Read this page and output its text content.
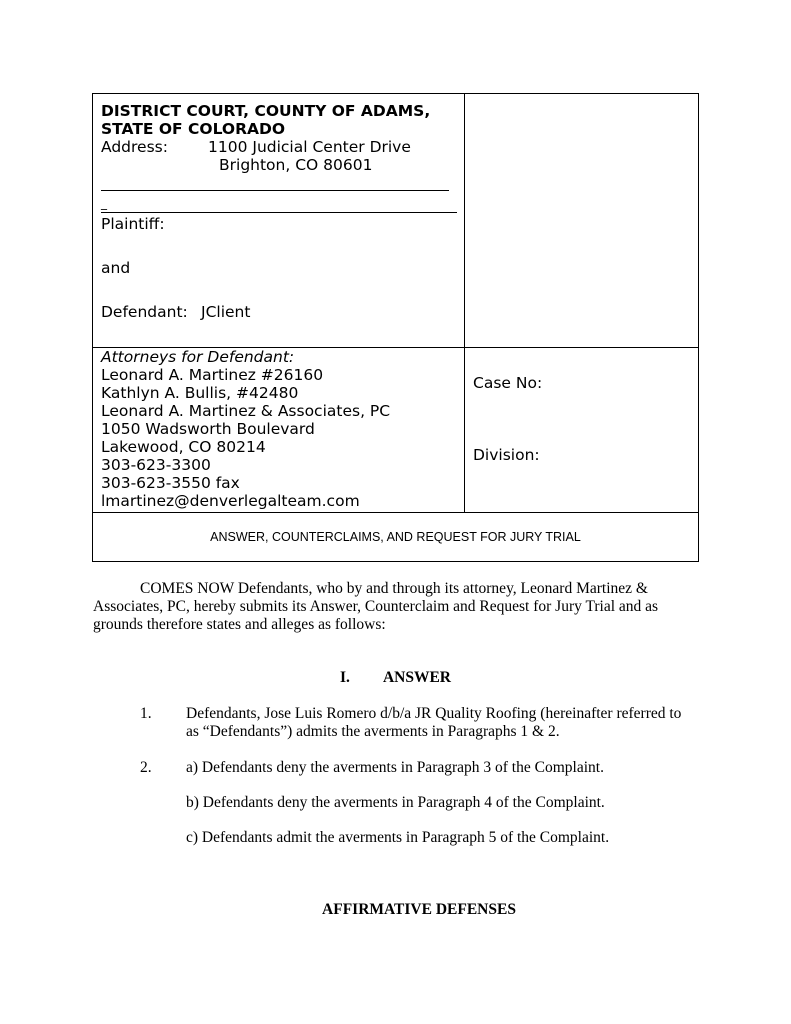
DISTRICT COURT, COUNTY OF ADAMS,
STATE OF COLORADO
Address:	1100 Judicial Center Drive
Brighton, CO 80601
_
Plaintiff:
and
Defendant: JClient
Attorneys for Defendant:
Leonard A. Martinez #26160
Kathlyn A. Bullis, #42480
Leonard A. Martinez & Associates, PC
1050 Wadsworth Boulevard
Lakewood, CO 80214
303-623-3300
303-623-3550 fax
lmartinez@denverlegalteam.com
Case No:
Division:
ANSWER, COUNTERCLAIMS, AND REQUEST FOR JURY TRIAL
COMES NOW Defendants, who by and through its attorney, Leonard Martinez &
Associates, PC, hereby submits its Answer, Counterclaim and Request for Jury Trial and as
grounds therefore states and alleges as follows:
I. ANSWER
1. Defendants, Jose Luis Romero d/b/a JR Quality Roofing (hereinafter referred to
as “Defendants”) admits the averments in Paragraphs 1 & 2.
2. a) Defendants deny the averments in Paragraph 3 of the Complaint.
b) Defendants deny the averments in Paragraph 4 of the Complaint.
c) Defendants admit the averments in Paragraph 5 of the Complaint.
AFFIRMATIVE DEFENSES
